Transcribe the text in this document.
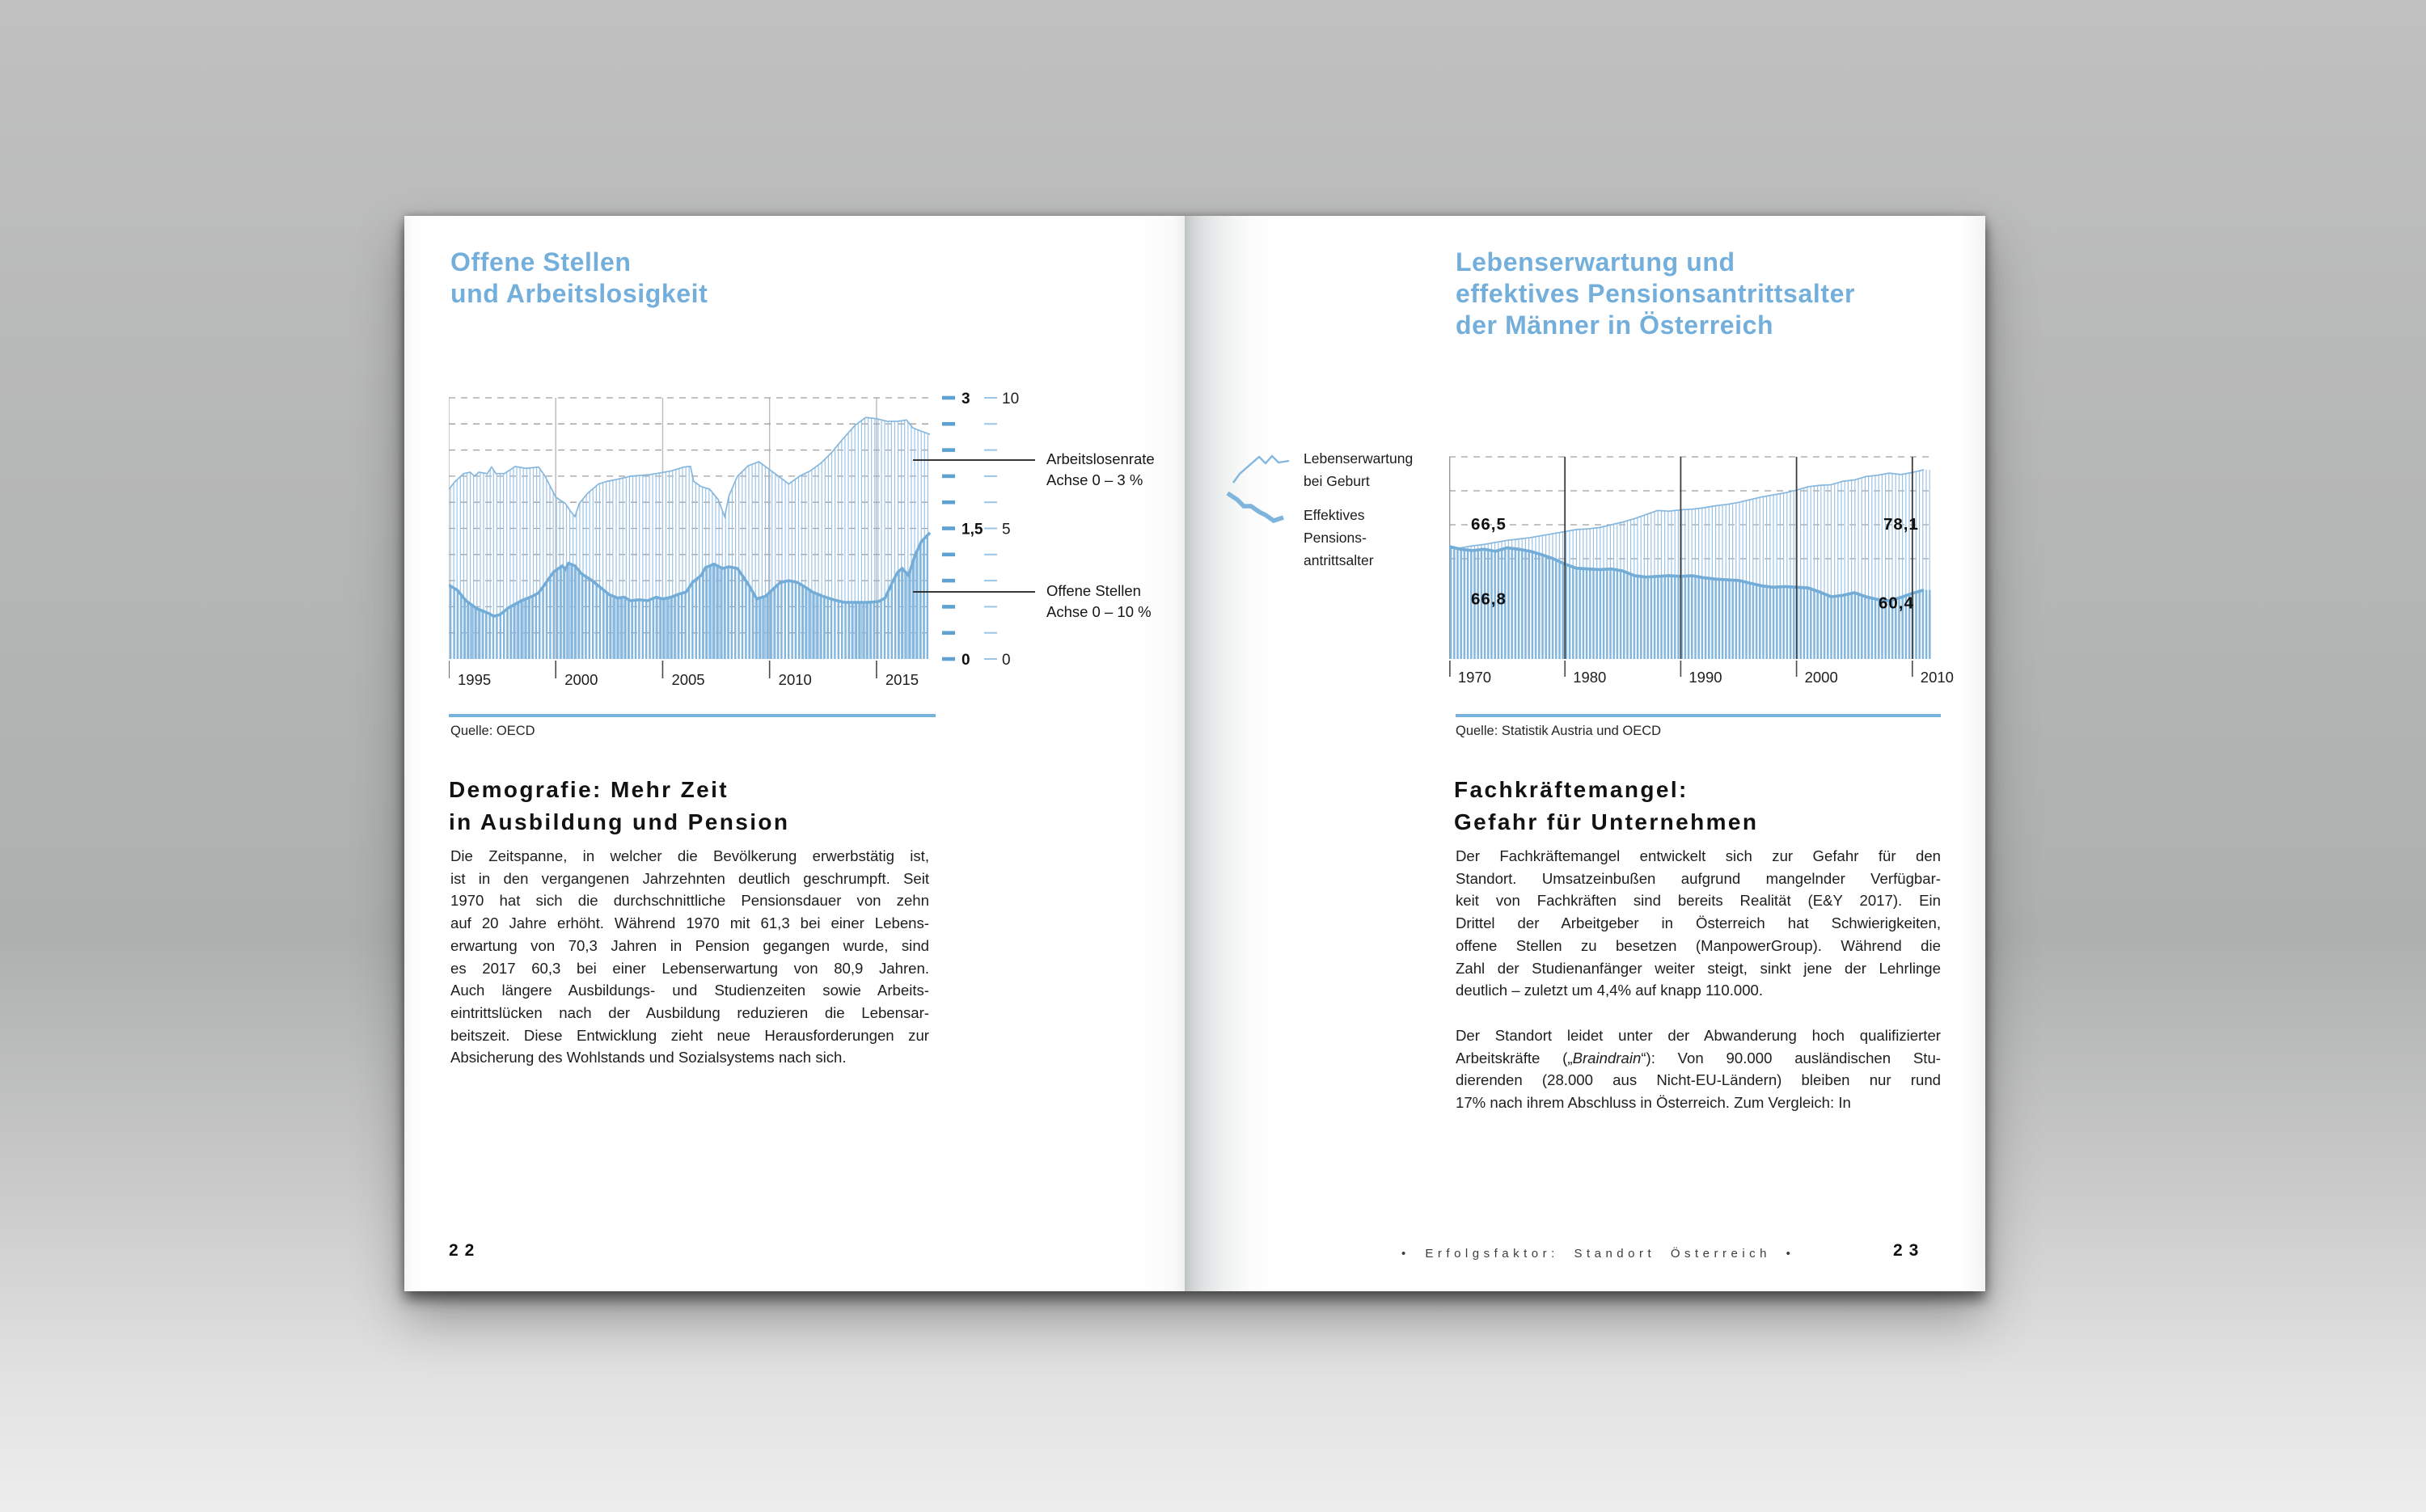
Offene Stellen
und Arbeitslosigkeit
3 10
1,5 5
0 0
1995	2000	2005	2010	2015
Arbeitslosenrate
Achse 0 – 3 %
Offene Stellen
Achse 0 – 10 %
Quelle: OECD
Demografie: Mehr Zeit
in Ausbildung und Pension
Die Zeitspanne, in welcher die Bevölkerung erwerbstätig ist,
ist in den vergangenen Jahrzehnten deutlich geschrumpft. Seit
1970 hat sich die durchschnittliche Pensionsdauer von zehn
auf 20 Jahre erhöht. Während 1970 mit 61,3 bei einer Lebens-
erwartung von 70,3 Jahren in Pension gegangen wurde, sind
es 2017 60,3 bei einer Lebenserwartung von 80,9 Jahren.
Auch längere Ausbildungs- und Studienzeiten sowie Arbeits-
eintrittslücken nach der Ausbildung reduzieren die Lebensar-
beitszeit. Diese Entwicklung zieht neue Herausforderungen zur
Absicherung des Wohlstands und Sozialsystems nach sich.
22
Lebenserwartung und
effektives Pensionsantrittsalter
der Männer in Österreich
Lebenserwartung
bei Geburt
Effektives
Pensions-
antrittsalter
1970	1980	1990	2000	2010
66,5
66,8
78,1
60,4
Quelle: Statistik Austria und OECD
Fachkräftemangel:
Gefahr für Unternehmen
Der Fachkräftemangel entwickelt sich zur Gefahr für den
Standort. Umsatzeinbußen aufgrund mangelnder Verfügbar-
keit von Fachkräften sind bereits Realität (E&Y 2017). Ein
Drittel der Arbeitgeber in Österreich hat Schwierigkeiten,
offene Stellen zu besetzen (ManpowerGroup). Während die
Zahl der Studienanfänger weiter steigt, sinkt jene der Lehrlinge
deutlich – zuletzt um 4,4% auf knapp 110.000.
Der Standort leidet unter der Abwanderung hoch qualifizierter
Arbeitskräfte („Braindrain“): Von 90.000 ausländischen Stu-
dierenden (28.000 aus Nicht-EU-Ländern) bleiben nur rund
17% nach ihrem Abschluss in Österreich. Zum Vergleich: In
• Erfolgsfaktor: Standort Österreich •	23
